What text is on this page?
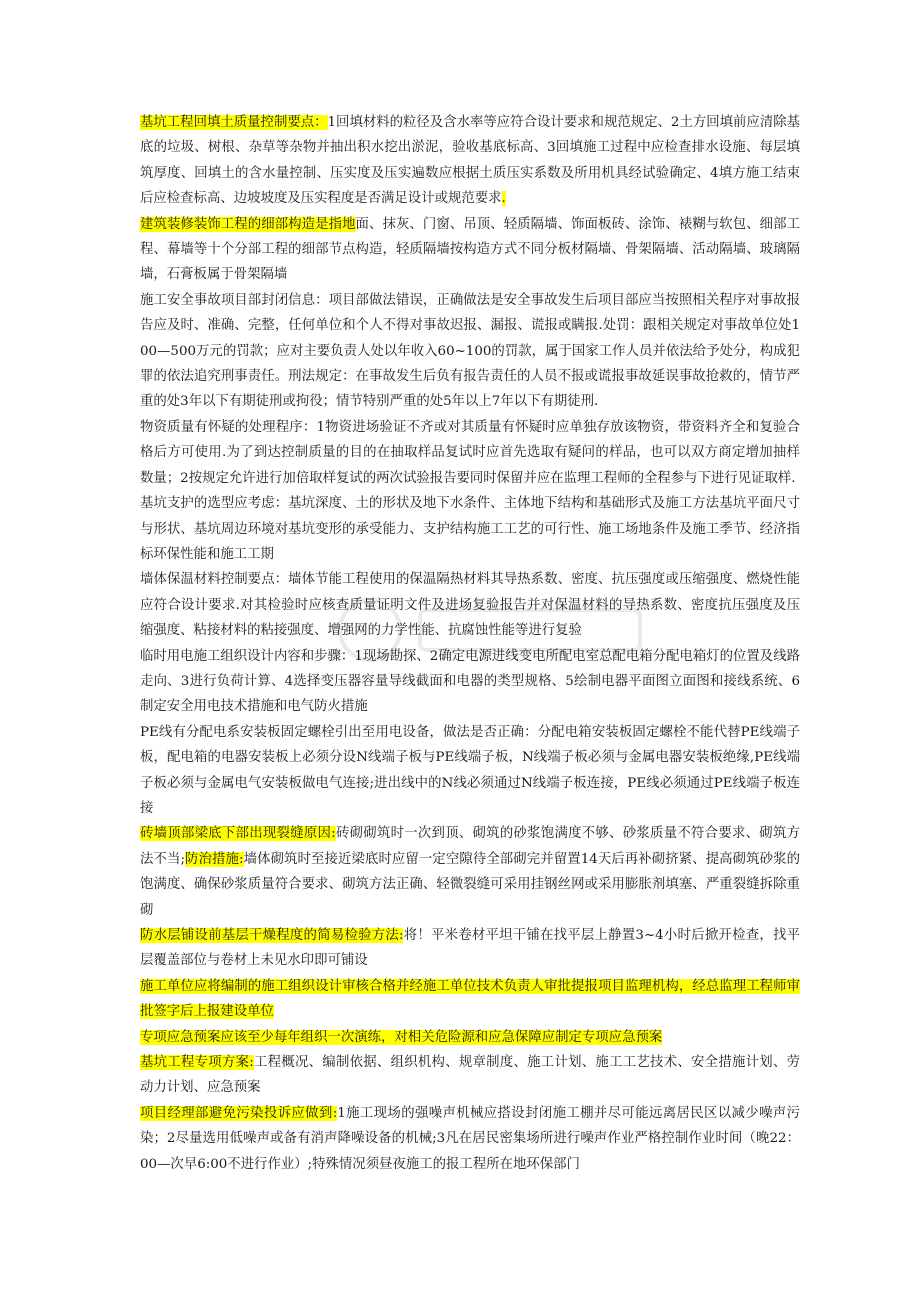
基坑工程回填土质量控制要点：1回填材料的粒径及含水率等应符合设计要求和规范规定、2土方回填前应清除基底的垃圾、树根、杂草等杂物并抽出积水挖出淤泥，验收基底标高、3回填施工过程中应检查排水设施、每层填筑厚度、回填土的含水量控制、压实度及压实遍数应根据土质压实系数及所用机具经试验确定、4填方施工结束后应检查标高、边坡坡度及压实程度是否满足设计或规范要求.

建筑装修装饰工程的细部构造是指地面、抹灰、门窗、吊顶、轻质隔墙、饰面板砖、涂饰、裱糊与软包、细部工程、幕墙等十个分部工程的细部节点构造，轻质隔墙按构造方式不同分板材隔墙、骨架隔墙、活动隔墙、玻璃隔墙，石膏板属于骨架隔墙

施工安全事故项目部封闭信息：项目部做法错误，正确做法是安全事故发生后项目部应当按照相关程序对事故报告应及时、准确、完整，任何单位和个人不得对事故迟报、漏报、谎报或瞒报.处罚：跟相关规定对事故单位处100—500万元的罚款；应对主要负责人处以年收入60~100的罚款，属于国家工作人员并依法给予处分，构成犯罪的依法追究刑事责任。刑法规定：在事故发生后负有报告责任的人员不报或谎报事故延误事故抢救的，情节严重的处3年以下有期徒刑或拘役；情节特别严重的处5年以上7年以下有期徒刑.

物资质量有怀疑的处理程序：1物资进场验证不齐或对其质量有怀疑时应单独存放该物资，带资料齐全和复验合格后方可使用.为了到达控制质量的目的在抽取样品复试时应首先选取有疑问的样品，也可以双方商定增加抽样数量；2按规定允许进行加倍取样复试的两次试验报告要同时保留并应在监理工程师的全程参与下进行见证取样.

基坑支护的选型应考虑：基坑深度、土的形状及地下水条件、主体地下结构和基础形式及施工方法基坑平面尺寸与形状、基坑周边环境对基坑变形的承受能力、支护结构施工工艺的可行性、施工场地条件及施工季节、经济指标环保性能和施工工期

墙体保温材料控制要点：墙体节能工程使用的保温隔热材料其导热系数、密度、抗压强度或压缩强度、燃烧性能应符合设计要求.对其检验时应核查质量证明文件及进场复验报告并对保温材料的导热系数、密度抗压强度及压缩强度、粘接材料的粘接强度、增强网的力学性能、抗腐蚀性能等进行复验

临时用电施工组织设计内容和步骤：1现场勘探、2确定电源进线变电所配电室总配电箱分配电箱灯的位置及线路走向、3进行负荷计算、4选择变压器容量导线截面和电器的类型规格、5绘制电器平面图立面图和接线系统、6制定安全用电技术措施和电气防火措施

PE线有分配电系安装板固定螺栓引出至用电设备，做法是否正确：分配电箱安装板固定螺栓不能代替PE线端子板，配电箱的电器安装板上必须分设N线端子板与PE线端子板，N线端子板必须与金属电器安装板绝缘,PE线端子板必须与金属电气安装板做电气连接;进出线中的N线必须通过N线端子板连接，PE线必须通过PE线端子板连接

砖墙顶部梁底下部出现裂缝原因:砖砌砌筑时一次到顶、砌筑的砂浆饱满度不够、砂浆质量不符合要求、砌筑方法不当;防治措施:墙体砌筑时至接近梁底时应留一定空隙待全部砌完并留置14天后再补砌挤紧、提高砌筑砂浆的饱满度、确保砂浆质量符合要求、砌筑方法正确、轻微裂缝可采用挂钢丝网或采用膨胀剂填塞、严重裂缝拆除重砌

防水层铺设前基层干燥程度的简易检验方法:将！平米卷材平坦干铺在找平层上静置3~4小时后掀开检查，找平层覆盖部位与卷材上未见水印即可铺设

施工单位应将编制的施工组织设计审核合格并经施工单位技术负责人审批提报项目监理机构，经总监理工程师审批签字后上报建设单位

专项应急预案应该至少每年组织一次演练，对相关危险源和应急保障应制定专项应急预案

基坑工程专项方案:工程概况、编制依据、组织机构、规章制度、施工计划、施工工艺技术、安全措施计划、劳动力计划、应急预案

项目经理部避免污染投诉应做到:1施工现场的强噪声机械应搭设封闭施工棚并尽可能远离居民区以减少噪声污染；2尽量选用低噪声或备有消声降噪设备的机械;3凡在居民密集场所进行噪声作业严格控制作业时间（晚22：00—次早6:00不进行作业）;特殊情况须昼夜施工的报工程所在地环保部门
